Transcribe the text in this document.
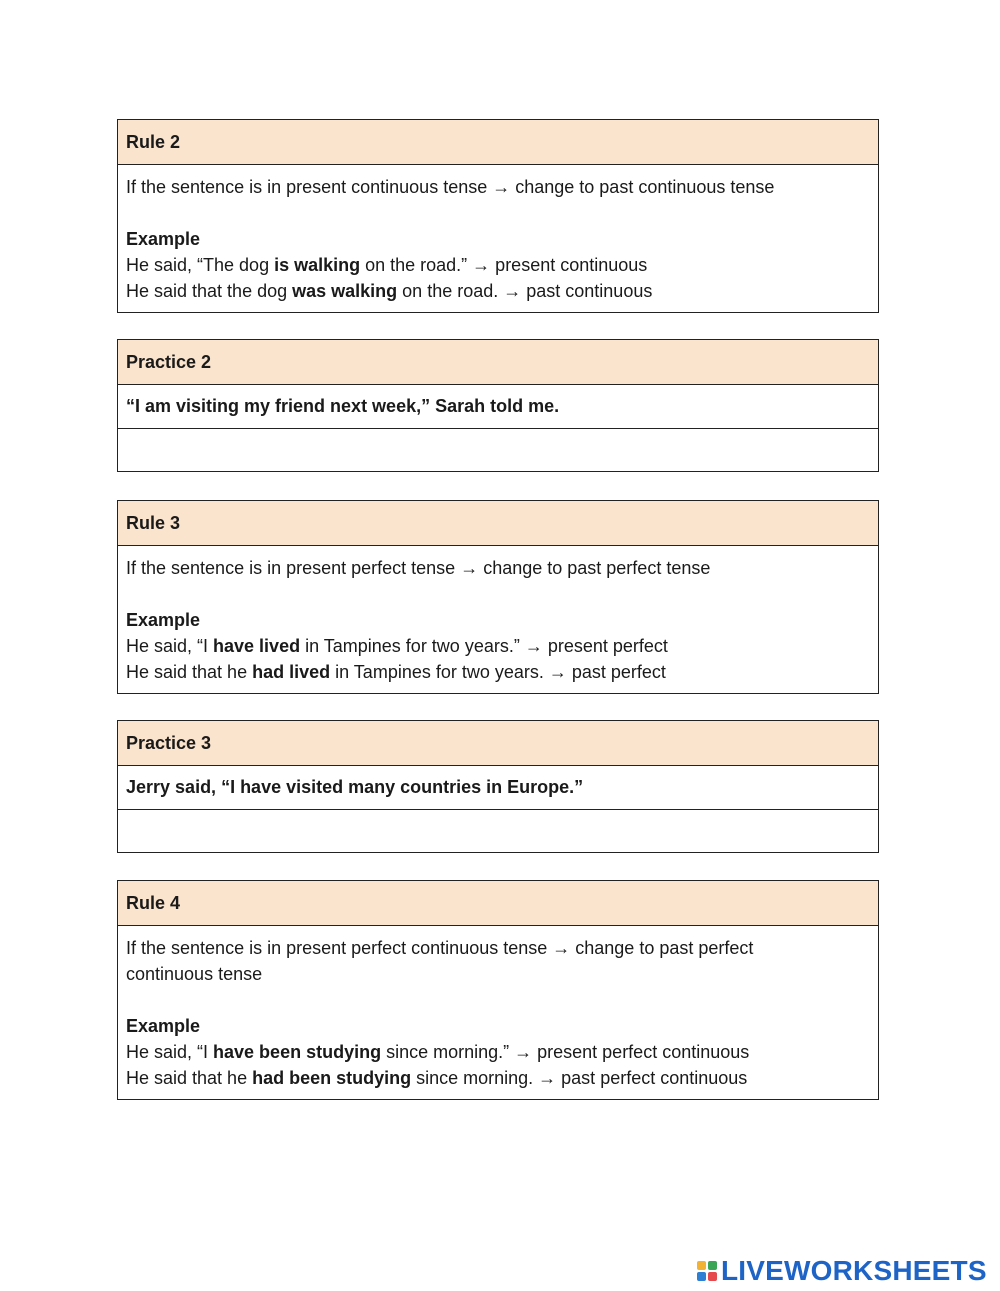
Rule 2
If the sentence is in present continuous tense → change to past continuous tense
Example
He said, “The dog is walking on the road.” → present continuous
He said that the dog was walking on the road. → past continuous
Practice 2
“I am visiting my friend next week,” Sarah told me.
Rule 3
If the sentence is in present perfect tense → change to past perfect tense
Example
He said, “I have lived in Tampines for two years.” → present perfect
He said that he had lived in Tampines for two years. → past perfect
Practice 3
Jerry said, “I have visited many countries in Europe.”
Rule 4
If the sentence is in present perfect continuous tense → change to past perfect
continuous tense
Example
He said, “I have been studying since morning.” → present perfect continuous
He said that he had been studying since morning. → past perfect continuous
LIVEWORKSHEETS
